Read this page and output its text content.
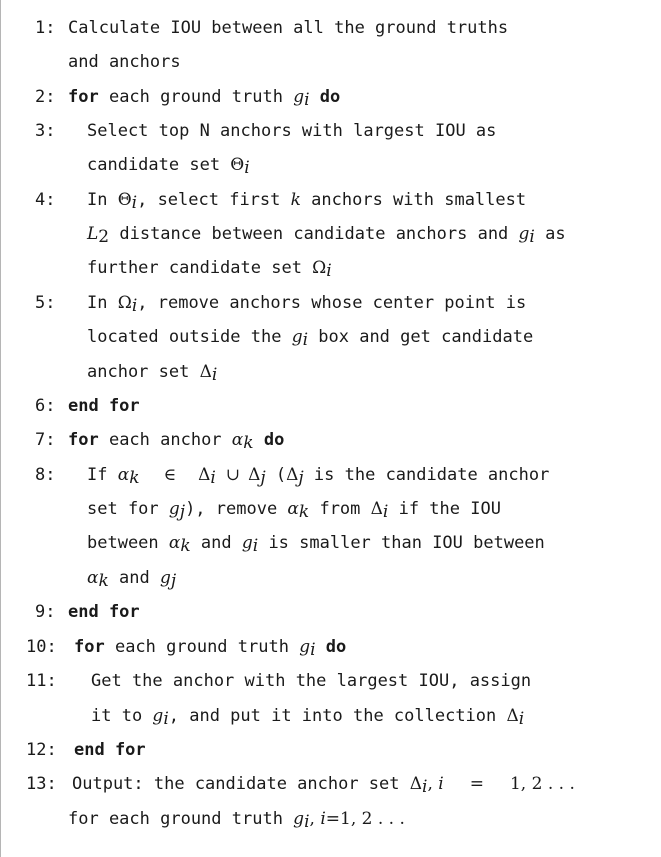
1: Calculate IOU between all the ground truths
and anchors
2: for each ground truth $g_i$ do
3: Select top N anchors with largest IOU as
candidate set $\Theta_i$
4: In $\Theta_i$, select first k anchors with smallest
$L_2$ distance between candidate anchors and $g_i$ as
further candidate set $\Omega_i$
5: In $\Omega_i$, remove anchors whose center point is
located outside the $g_i$ box and get candidate
anchor set $\Delta_i$
6: end for
7: for each anchor $\alpha_k$ do
8: If $\alpha_k$ ∈ $\Delta_i$ ∪ $\Delta_j$ ($\Delta_j$ is the candidate anchor
set for $g_j$), remove $\alpha_k$ from $\Delta_i$ if the IOU
between $\alpha_k$ and $g_i$ is smaller than IOU between
$\alpha_k$ and $g_j$
9: end for
10: for each ground truth $g_i$ do
11: Get the anchor with the largest IOU, assign
it to $g_i$, and put it into the collection $\Delta_i$
12: end for
13: Output: the candidate anchor set $\Delta_i$, i = 1, 2 . . .
for each ground truth $g_i$, i=1, 2 . . .
